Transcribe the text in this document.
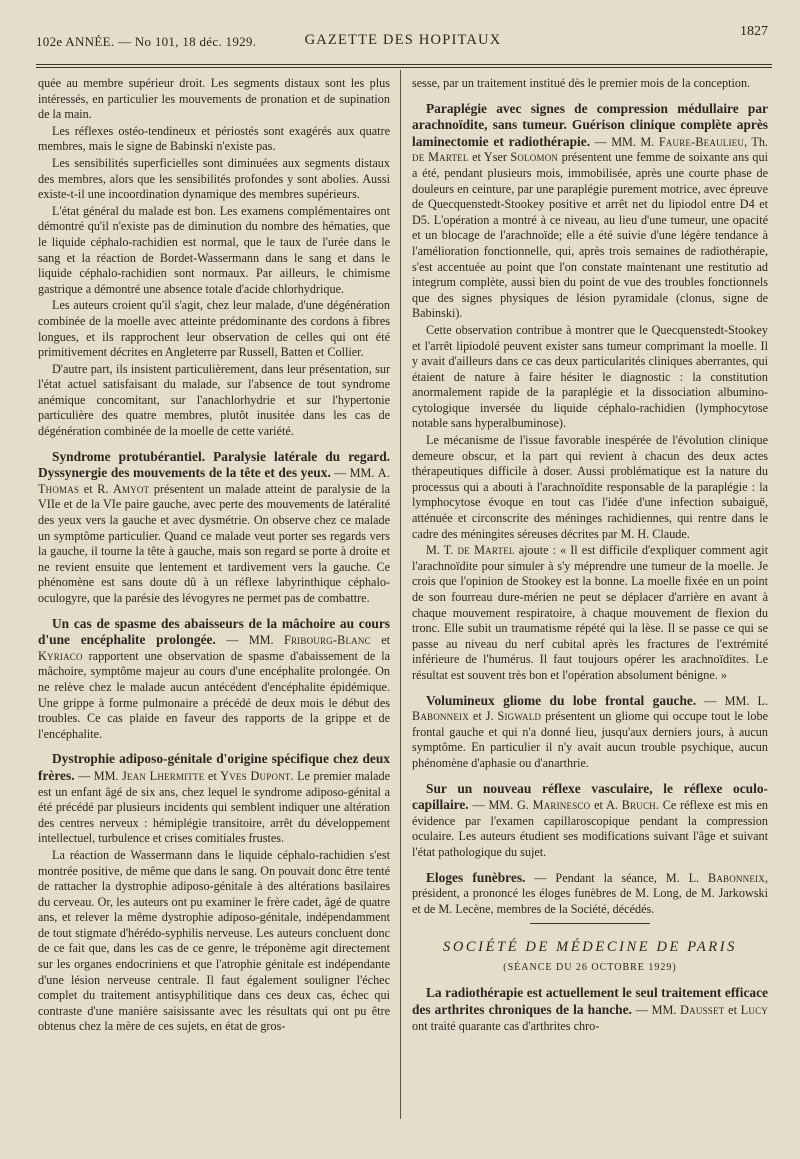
102e ANNÉE. — No 101, 18 déc. 1929.	GAZETTE DES HOPITAUX
1827

quée au membre supérieur droit. Les segments distaux sont les plus intéressés, en particulier les mouvements de pronation et de supination de la main.

Les réflexes ostéo-tendineux et périostés sont exagérés aux quatre membres, mais le signe de Babinski n'existe pas.

Les sensibilités superficielles sont diminuées aux segments distaux des membres, alors que les sensibilités profondes y sont abolies. Aussi existe-t-il une incoordination dynamique des membres supérieurs.

L'état général du malade est bon. Les examens complémentaires ont démontré qu'il n'existe pas de diminution du nombre des hématies, que le liquide céphalo-rachidien est normal, que le taux de l'urée dans le sang et la réaction de Bordet-Wassermann dans le sang et dans le liquide céphalo-rachidien sont normaux. Par ailleurs, le chimisme gastrique a démontré une absence totale d'acide chlorhydrique.

Les auteurs croient qu'il s'agit, chez leur malade, d'une dégénération combinée de la moelle avec atteinte prédominante des cordons à fibres longues, et ils rapprochent leur observation de celles qui ont été primitivement décrites en Angleterre par Russell, Batten et Collier.

D'autre part, ils insistent particulièrement, dans leur présentation, sur l'état actuel satisfaisant du malade, sur l'absence de tout syndrome anémique concomitant, sur l'anachlorhydrie et sur l'hypertonie particulière des quatre membres, plutôt inusitée dans les cas de dégénération combinée de la moelle de cette variété.

Syndrome protubérantiel. Paralysie latérale du regard. Dyssynergie des mouvements de la tête et des yeux. — MM. A. Thomas et R. Amyot présentent un malade atteint de paralysie de la VIIe et de la VIe paire gauche, avec perte des mouvements de latéralité des yeux vers la gauche et avec dysmétrie. On observe chez ce malade un symptôme particulier. Quand ce malade veut porter ses regards vers la gauche, il tourne la tête à gauche, mais son regard se porte à droite et ne revient ensuite que lentement et tardivement vers la gauche. Ce phénomène est sans doute dû à un réflexe labyrinthique céphalo-oculogyre, que la parésie des lévogyres ne permet pas de combattre.

Un cas de spasme des abaisseurs de la mâchoire au cours d'une encéphalite prolongée. — MM. Fribourg-Blanc et Kyriaco rapportent une observation de spasme d'abaissement de la mâchoire, symptôme majeur au cours d'une encéphalite prolongée. On ne relève chez le malade aucun antécédent d'encéphalite épidémique. Une grippe à forme pulmonaire a précédé de deux mois le début des troubles. Ce cas plaide en faveur des rapports de la grippe et de l'encéphalite.

Dystrophie adiposo-génitale d'origine spécifique chez deux frères. — MM. Jean Lhermitte et Yves Dupont. Le premier malade est un enfant âgé de six ans, chez lequel le syndrome adiposo-génital a été précédé par plusieurs incidents qui semblent indiquer une altération des centres nerveux : hémiplégie transitoire, arrêt du développement intellectuel, turbulence et crises comitiales frustes.

La réaction de Wassermann dans le liquide céphalo-rachidien s'est montrée positive, de même que dans le sang. On pouvait donc être tenté de rattacher la dystrophie adiposo-génitale à des altérations basilaires du cerveau. Or, les auteurs ont pu examiner le frère cadet, âgé de quatre ans, et relever la même dystrophie adiposo-génitale, indépendamment de tout stigmate d'hérédo-syphilis nerveuse. Les auteurs concluent donc de ce fait que, dans les cas de ce genre, le tréponème agit directement sur les organes endocriniens et que l'atrophie génitale est indépendante d'une lésion nerveuse centrale. Il faut également souligner l'échec complet du traitement antisyphilitique dans ces deux cas, échec qui contraste d'une manière saisissante avec les résultats qui ont pu être obtenus chez la mère de ces sujets, en état de gros-

sesse, par un traitement institué dès le premier mois de la conception.

Paraplégie avec signes de compression médullaire par arachnoïdite, sans tumeur. Guérison clinique complète après laminectomie et radiothérapie. — MM. M. Faure-Beaulieu, Th. de Martel et Yser Solomon présentent une femme de soixante ans qui a été, pendant plusieurs mois, immobilisée, après une courte phase de douleurs en ceinture, par une paraplégie purement motrice, avec épreuve de Quecquenstedt-Stookey positive et arrêt net du lipiodol entre D4 et D5. L'opération a montré à ce niveau, au lieu d'une tumeur, une opacité et un blocage de l'arachnoïde; elle a été suivie d'une légère tendance à l'amélioration fonctionnelle, qui, après trois semaines de radiothérapie, s'est accentuée au point que l'on constate maintenant une restitutio ad integrum complète, aussi bien du point de vue des troubles fonctionnels que des signes physiques de lésion pyramidale (clonus, signe de Babinski).

Cette observation contribue à montrer que le Quecquenstedt-Stookey et l'arrêt lipiodolé peuvent exister sans tumeur comprimant la moelle. Il y avait d'ailleurs dans ce cas deux particularités cliniques aberrantes, qui étaient de nature à faire hésiter le diagnostic : la constitution anormalement rapide de la paraplégie et la dissociation albumino-cytologique inversée du liquide céphalo-rachidien (lymphocytose notable sans hyperalbuminose).

Le mécanisme de l'issue favorable inespérée de l'évolution clinique demeure obscur, et la part qui revient à chacun des deux actes thérapeutiques difficile à doser. Aussi problématique est la nature du processus qui a abouti à l'arachnoïdite responsable de la paraplégie : la lymphocytose évoque en tout cas l'idée d'une infection subaiguë, atténuée et circonscrite des méninges rachidiennes, qui rentre dans le cadre des méningites séreuses décrites par M. H. Claude.

M. T. de Martel ajoute : « Il est difficile d'expliquer comment agit l'arachnoïdite pour simuler à s'y méprendre une tumeur de la moelle. Je crois que l'opinion de Stookey est la bonne. La moelle fixée en un point de son fourreau dure-mérien ne peut se déplacer d'arrière en avant à chaque mouvement respiratoire, à chaque mouvement de flexion du tronc. Elle subit un traumatisme répété qui la lèse. Il se passe ce qui se passe au niveau du nerf cubital après les fractures de l'extrémité inférieure de l'humérus. Il faut toujours opérer les arachnoïdites. Le résultat est souvent très bon et l'opération absolument bénigne. »

Volumineux gliome du lobe frontal gauche. — MM. L. Babonneix et J. Sigwald présentent un gliome qui occupe tout le lobe frontal gauche et qui n'a donné lieu, jusqu'aux derniers jours, à aucun symptôme. En particulier il n'y avait aucun trouble psychique, aucun phénomène d'aphasie ou d'anarthrie.

Sur un nouveau réflexe vasculaire, le réflexe oculo-capillaire. — MM. G. Marinesco et A. Bruch. Ce réflexe est mis en évidence par l'examen capillaroscopique pendant la compression oculaire. Les auteurs étudient ses modifications suivant l'âge et suivant l'état pathologique du sujet.

Eloges funèbres. — Pendant la séance, M. L. Babonneix, président, a prononcé les éloges funèbres de M. Long, de M. Jarkowski et de M. Lecène, membres de la Société, décédés.

SOCIÉTÉ DE MÉDECINE DE PARIS
(SÉANCE DU 26 OCTOBRE 1929)

La radiothérapie est actuellement le seul traitement efficace des arthrites chroniques de la hanche. — MM. Dausset et Lucy ont traité quarante cas d'arthrites chro-
